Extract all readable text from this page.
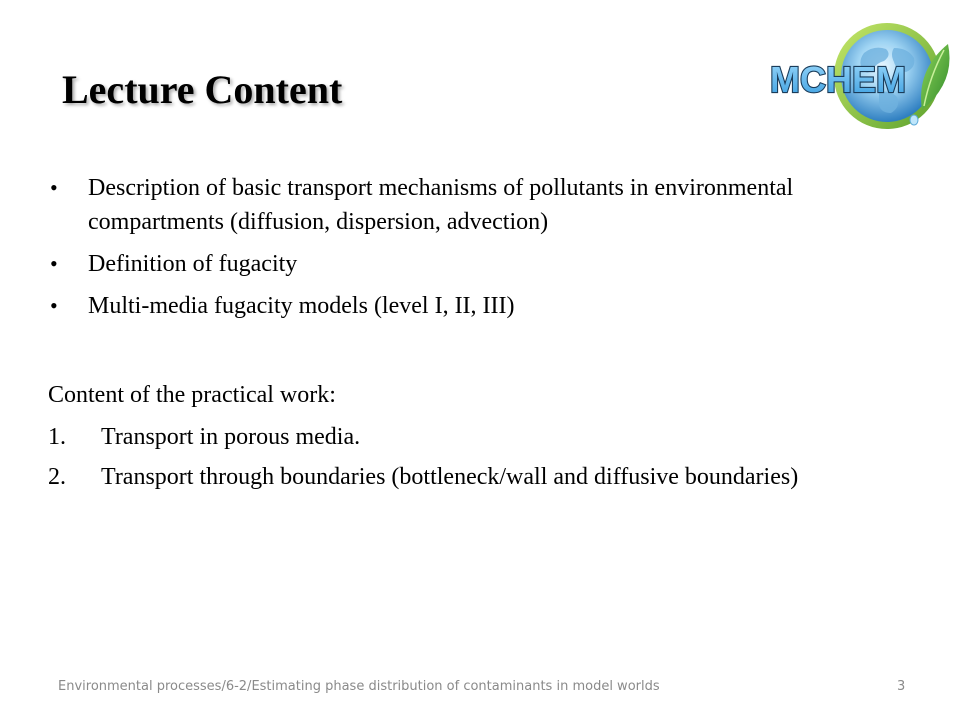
Lecture Content	MCHEM
• Description of basic transport mechanisms of pollutants in environmental compartments (diffusion, dispersion, advection)
• Definition of fugacity
• Multi-media fugacity models (level I, II, III)

Content of the practical work:

1. Transport in porous media.
2. Transport through boundaries (bottleneck/wall and diffusive boundaries)
Environmental processes/6-2/Estimating phase distribution of contaminants in model worlds	3
